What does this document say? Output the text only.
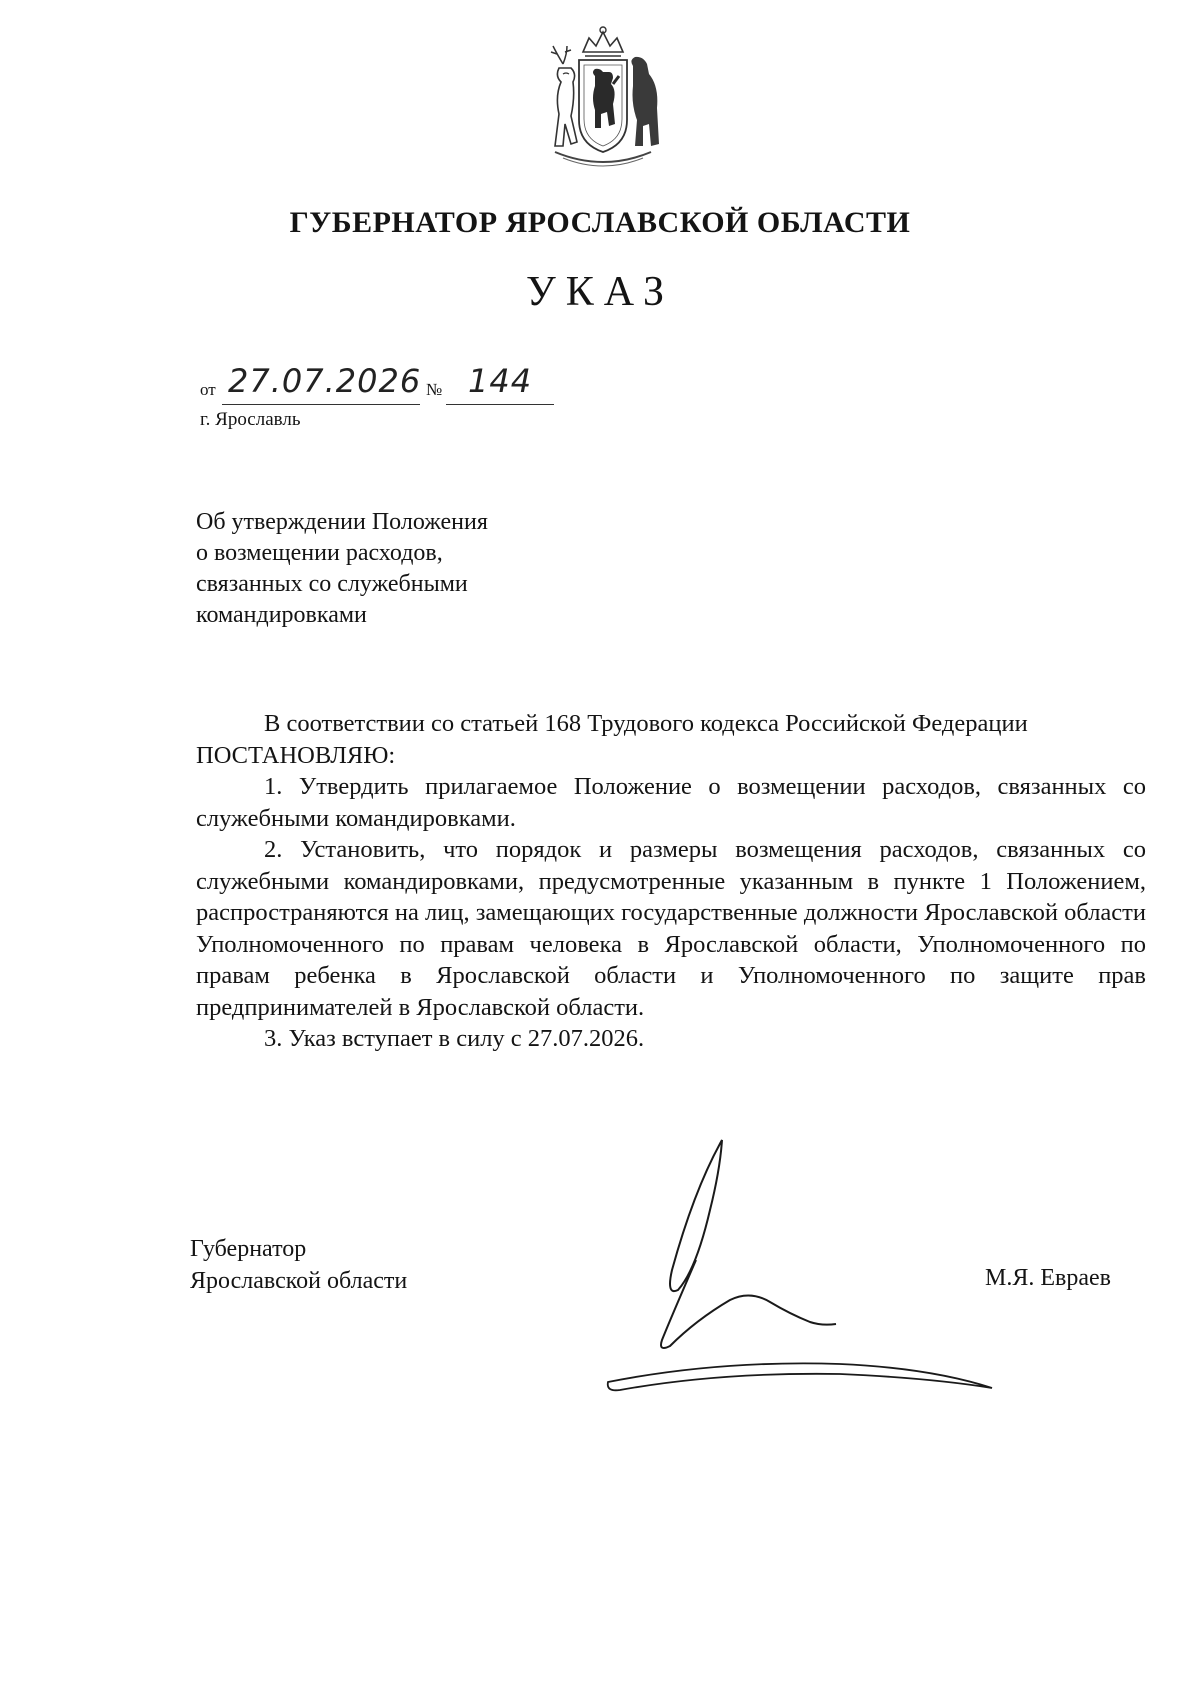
ГУБЕРНАТОР ЯРОСЛАВСКОЙ ОБЛАСТИ
УКАЗ
от 27.07.2026 № 144
г. Ярославль
Об утверждении Положения
о возмещении расходов,
связанных со служебными
командировками

В соответствии со статьей 168 Трудового кодекса Российской Федерации

ПОСТАНОВЛЯЮ:

1. Утвердить прилагаемое Положение о возмещении расходов, связанных со служебными командировками.

2. Установить, что порядок и размеры возмещения расходов, связанных со служебными командировками, предусмотренные указанным в пункте 1 Положением, распространяются на лиц, замещающих государственные должности Ярославской области Уполномоченного по правам человека в Ярославской области, Уполномоченного по правам ребенка в Ярославской области и Уполномоченного по защите прав предпринимателей в Ярославской области.

3. Указ вступает в силу с 27.07.2026.

Губернатор
Ярославской области	М.Я. Евраев
